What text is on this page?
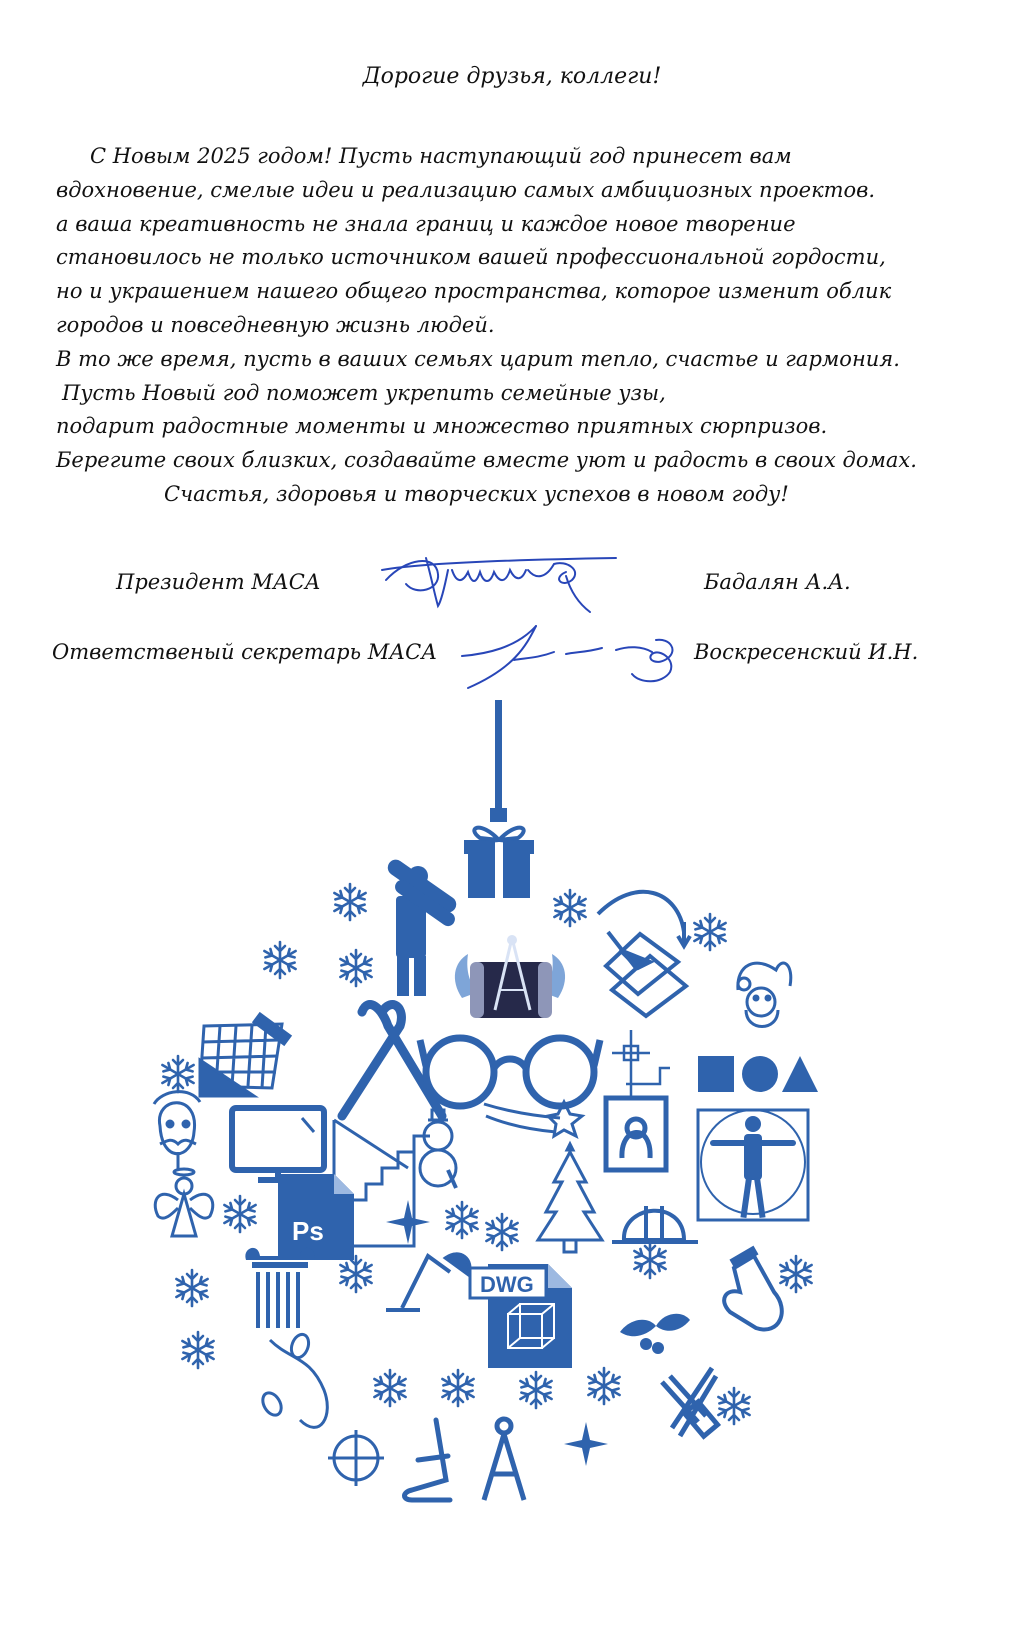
Дорогие друзья, коллеги!
С Новым 2025 годом! Пусть наступающий год принесет вам
вдохновение, смелые идеи и реализацию самых амбициозных проектов.
а ваша креативность не знала границ и каждое новое творение
становилось не только источником вашей профессиональной гордости,
но и украшением нашего общего пространства, которое изменит облик
городов и повседневную жизнь людей.
В то же время, пусть в ваших семьях царит тепло, счастье и гармония.
Пусть Новый год поможет укрепить семейные узы,
подарит радостные моменты и множество приятных сюрпризов.
Берегите своих близких, создавайте вместе уют и радость в своих домах.
Счастья, здоровья и творческих успехов в новом году!
Президент МАСА	Бадалян А.А.
Ответственый секретарь МАСА	Воскресенский И.Н.
Ps
DWG
